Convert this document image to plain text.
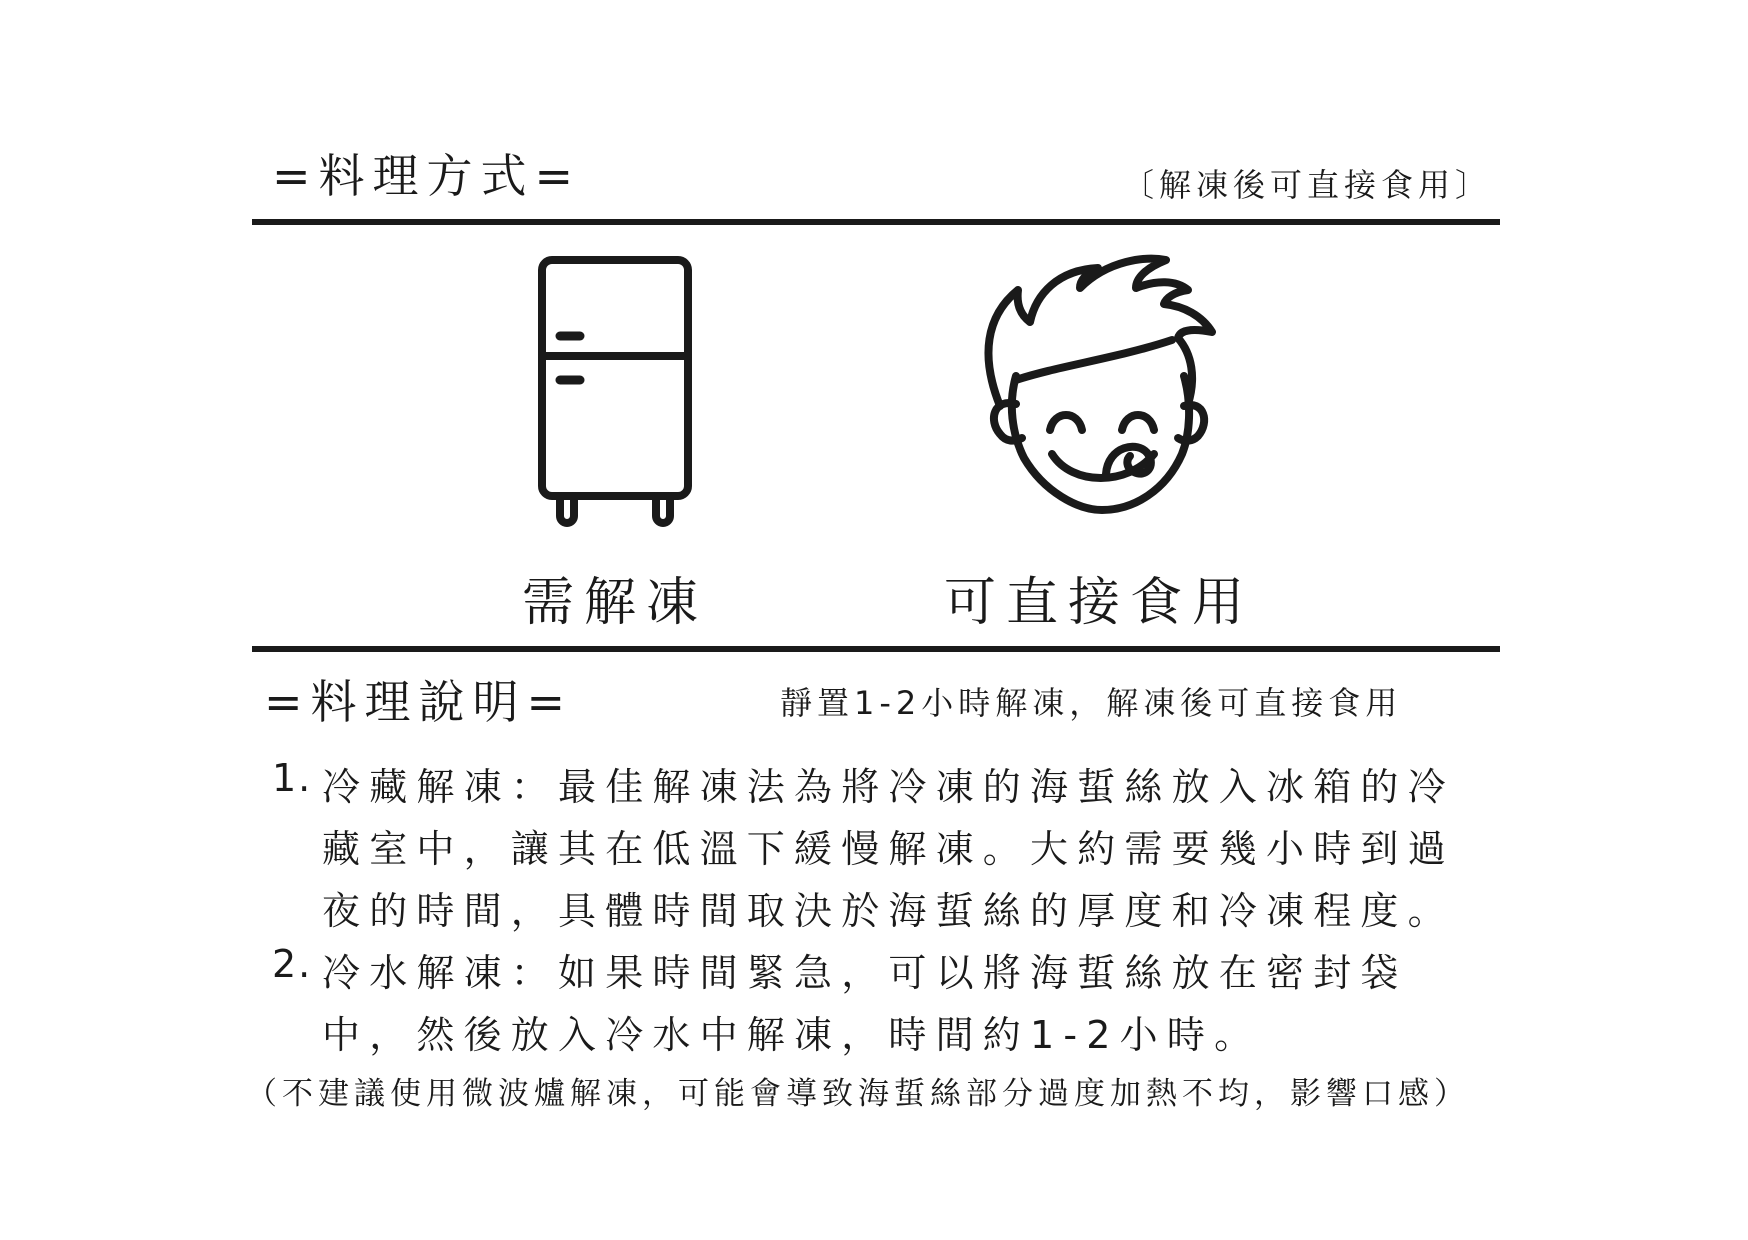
=料理方式=	〔解凍後可直接食用〕
需解凍	可直接食用
=料理說明=	靜置1-2小時解凍，解凍後可直接食用
1. 冷藏解凍：最佳解凍法為將冷凍的海蜇絲放入冰箱的冷
藏室中，讓其在低溫下緩慢解凍。大約需要幾小時到過
夜的時間，具體時間取決於海蜇絲的厚度和冷凍程度。
2. 冷水解凍：如果時間緊急，可以將海蜇絲放在密封袋
中，然後放入冷水中解凍，時間約1-2小時。
（不建議使用微波爐解凍，可能會導致海蜇絲部分過度加熱不均，影響口感）
